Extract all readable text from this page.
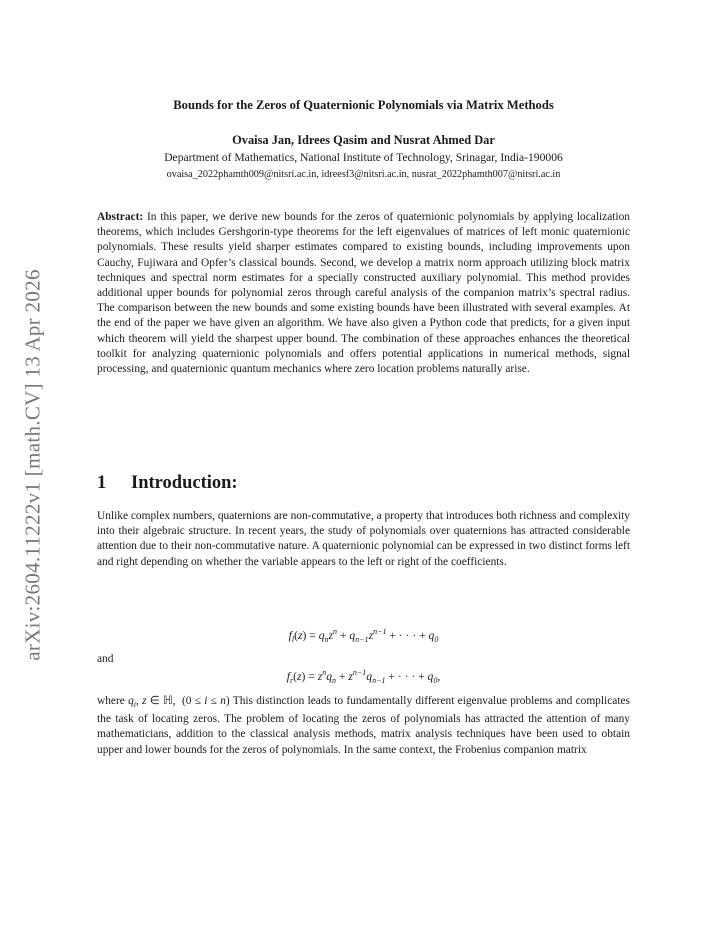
arXiv:2604.11222v1 [math.CV] 13 Apr 2026
Bounds for the Zeros of Quaternionic Polynomials via Matrix Methods
Ovaisa Jan, Idrees Qasim and Nusrat Ahmed Dar
Department of Mathematics, National Institute of Technology, Srinagar, India-190006
ovaisa_2022phamth009@nitsri.ac.in, idreesf3@nitsri.ac.in, nusrat_2022phamth007@nitsri.ac.in
Abstract: In this paper, we derive new bounds for the zeros of quaternionic polynomials by applying localization theorems, which includes Gershgorin-type theorems for the left eigenvalues of matrices of left monic quaternionic polynomials. These results yield sharper estimates compared to existing bounds, including improvements upon Cauchy, Fujiwara and Opfer’s classical bounds. Second, we develop a matrix norm approach utilizing block matrix techniques and spectral norm estimates for a specially constructed auxiliary polynomial. This method provides additional upper bounds for polynomial zeros through careful analysis of the companion matrix’s spectral radius. The comparison between the new bounds and some existing bounds have been illustrated with several examples. At the end of the paper we have given an algorithm. We have also given a Python code that predicts, for a given input which theorem will yield the sharpest upper bound. The combination of these approaches enhances the theoretical toolkit for analyzing quaternionic polynomials and offers potential applications in numerical methods, signal processing, and quaternionic quantum mechanics where zero location problems naturally arise.
1 Introduction:
Unlike complex numbers, quaternions are non-commutative, a property that introduces both richness and complexity into their algebraic structure. In recent years, the study of polynomials over quaternions has attracted considerable attention due to their non-commutative nature. A quaternionic polynomial can be expressed in two distinct forms left and right depending on whether the variable appears to the left or right of the coefficients.
$f_l(z) = q_nz^n + q_{n-1}z^{n-1}$ + · · · + $q_0$
and
$f_r(z) = z^nq_n + z^{n-1}q_{n-1}$ + · · · + $q_0$,
where $q_i$, z ∈ ℍ,  (0 ≤ i ≤ n) This distinction leads to fundamentally different eigenvalue problems and complicates the task of locating zeros. The problem of locating the zeros of polynomials has attracted the attention of many mathematicians, addition to the classical analysis methods, matrix analysis techniques have been used to obtain upper and lower bounds for the zeros of polynomials. In the same context, the Frobenius companion matrix
